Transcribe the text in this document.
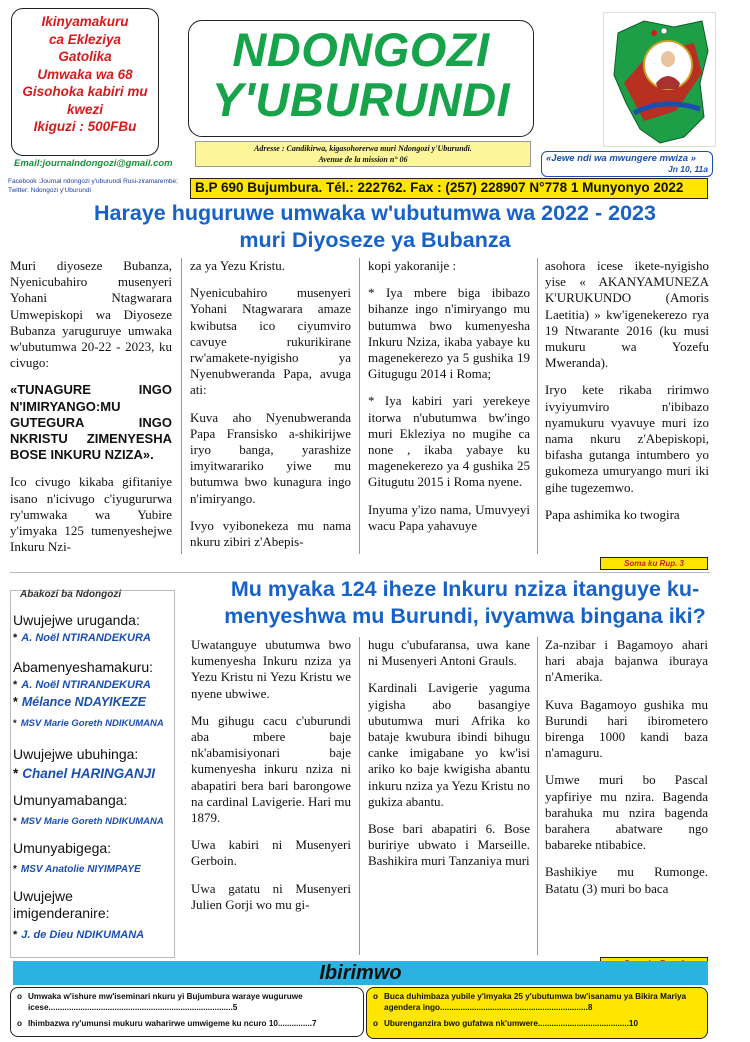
Ikinyamakuru
ca Ekleziya
Gatolika
Umwaka wa 68
Gisohoka kabiri mu
kwezi
Ikiguzi : 500FBu
Email:journalndongozi@gmail.com
Facebook :Journal ndongozi y'uburundi Rusi-ziramarembe; Twitter: Ndongozi y'Uburundi
NDONGOZI
Y'UBURUNDI
Adresse : Candikirwa, kigasohorerwa muri Ndongozi y'Uburundi.
Avenue de la mission n° 06	«Jewe ndi wa mwungere mwiza »
Jn 10, 11a
B.P 690 Bujumbura. Tél.: 222762. Fax : (257) 228907 N°778 1 Munyonyo 2022
Haraye huguruwe umwaka w'ubutumwa wa 2022 - 2023
muri Diyoseze ya Bubanza

Muri diyoseze Bubanza, Nyenicubahiro musenyeri Yohani Ntagwarara Umwepiskopi wa Diyoseze Bubanza yaruguruye umwaka w'ubutumwa 20-22 - 2023, ku civugo:

«TUNAGURE INGO N'IMIRYANGO:MU GUTEGURA INGO NKRISTU ZIMENYESHA BOSE INKURU NZIZA».

Ico civugo kikaba gifitaniye isano n'icivugo c'iyugururwa ry'umwaka wa Yubire y'imyaka 125 tumenyeshejwe Inkuru Nzi-

za ya Yezu Kristu.

Nyenicubahiro musenyeri Yohani Ntagwarara amaze kwibutsa ico ciyumviro cavuye rukurikirane rw'amakete-nyigisho ya Nyenubweranda Papa, avuga ati:

Kuva aho Nyenubweranda Papa Fransisko a-shikirijwe iryo banga, yarashize imyitwarariko yiwe mu butumwa bwo kunagura ingo n'imiryango.

Ivyo vyibonekeza mu nama nkuru zibiri z'Abepis-

kopi yakoranije :

* Iya mbere biga ibibazo bihanze ingo n'imiryango mu butumwa bwo kumenyesha Inkuru Nziza, ikaba yabaye ku magenekerezo ya 5 gushika 19 Gitugugu 2014 i Roma;

* Iya kabiri yari yerekeye itorwa n'ubutumwa bw'ingo muri Ekleziya no mugihe ca none , ikaba yabaye ku magenekerezo ya 4 gushika 25 Gitugutu 2015 i Roma nyene.

Inyuma y'izo nama, Umuvyeyi wacu Papa yahavuye

asohora icese ikete-nyigisho yise « AKANYAMUNEZA K'URUKUNDO (Amoris Laetitia) » kw'igenekerezo rya 19 Ntwarante 2016 (ku musi mukuru wa Yozefu Mweranda).

Iryo kete rikaba ririmwo ivyiyumviro n'ibibazo nyamukuru vyavuye muri izo nama nkuru z'Abepiskopi, bifasha gutanga intumbero yo gukomeza umuryango muri iki gihe tugezemwo.

Papa ashimika ko twogira

Soma ku Rup. 3
Abakozi ba Ndongozi
Uwujejwe uruganda:
* A. Noël NTIRANDEKURA
Abamenyeshamakuru:
* A. Noël NTIRANDEKURA
* Mélance NDAYIKEZE
* MSV Marie Goreth NDIKUMANA
Uwujejwe ubuhinga:
* Chanel HARINGANJI
Umunyamabanga:
* MSV Marie Goreth NDIKUMANA
Umunyabigega:
* MSV Anatolie NIYIMPAYE
Uwujejwe imigenderanire:
* J. de Dieu NDIKUMANA
Mu myaka 124 iheze Inkuru nziza itanguye ku-
menyeshwa mu Burundi, ivyamwa bingana iki?

Uwatanguye ubutumwa bwo kumenyesha Inkuru nziza ya Yezu Kristu ni Yezu Kristu we nyene ubwiwe.

Mu gihugu cacu c'uburundi aba mbere baje nk'abamisiyonari baje kumenyesha inkuru nziza ni abapatiri bera bari barongowe na cardinal Lavigerie. Hari mu 1879.

Uwa kabiri ni Musenyeri Gerboin.

Uwa gatatu ni Musenyeri Julien Gorji wo mu gi-

hugu c'ubufaransa, uwa kane ni Musenyeri Antoni Grauls.

Kardinali Lavigerie yaguma yigisha abo basangiye ubutumwa muri Afrika ko bataje kwubura ibindi bihugu canke imigabane yo kw'isi ariko ko baje kwigisha abantu inkuru nziza ya Yezu Kristu no gukiza abantu.

Bose bari abapatiri 6. Bose buririye ubwato i Marseille. Bashikira muri Tanzaniya muri

Za-nzibar i Bagamoyo ahari hari abaja bajanwa iburaya n'Amerika.

Kuva Bagamoyo gushika mu Burundi hari ibirometero birenga 1000 kandi baza n'amaguru.

Umwe muri bo Pascal yapfiriye mu nzira. Bagenda barahuka mu nzira bagenda barahera abatware ngo babareke ntibabice.

Bashikiye mu Rumonge. Batatu (3) muri bo baca

Ibirimwo
o Umwaka w'ishure mw'iseminari nkuru yi Bujumbura waraye wuguruwe icese.................................................................................5
o Ihimbazwa ry'umunsi mukuru waharirwe umwigeme ku ncuro 10...............7
o Buca duhimbaza yubile y'imyaka 25 y'ubutumwa bw'isanamu ya Bikira Mariya agendera ingo.................................................................8
o Uburenganzira bwo gufatwa nk'umwere........................................10
